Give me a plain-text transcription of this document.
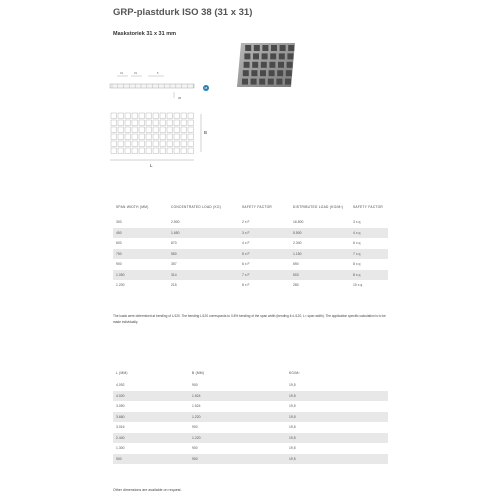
GRP-plastdurk ISO 38 (31 x 31)
Maskstoriek 31 x 31 mm
31	31	5
38
38
B
L
SPAN WIDTH (MM)	CONCENTRATED LOAD (KG)	SAFETY FACTOR	DISTRIBUTED LOAD (KG/M²)	SAFETY FACTOR
300	2.500	2 x F	16.500	3 x q
450	1.650	3 x F	5.500	4 x q
600	870	4 x F	2.340	6 x q
750	550	5 x F	1.150	7 x q
900	357	6 x F	690	8 x q
1.050	314	7 x F	503	8 x q
1.200	215	8 x F	280	10 x q
The loads were determined at bending of L/120. The bending L/120 corresponds to 0.8% bending of the span width (bending 4=L/120, L= span width). The application specific calculation is to be made individually.
L (MM)	B (MM)	KG/M²
4.092	900	19,5
4.000	1.524	19,5
3.050	1.524	19,5
3.660	1.220	19,5
3.016	900	19,5
2.440	1.220	19,5
1.300	900	19,5
900	900	19,5
Other dimensions are available on request.
